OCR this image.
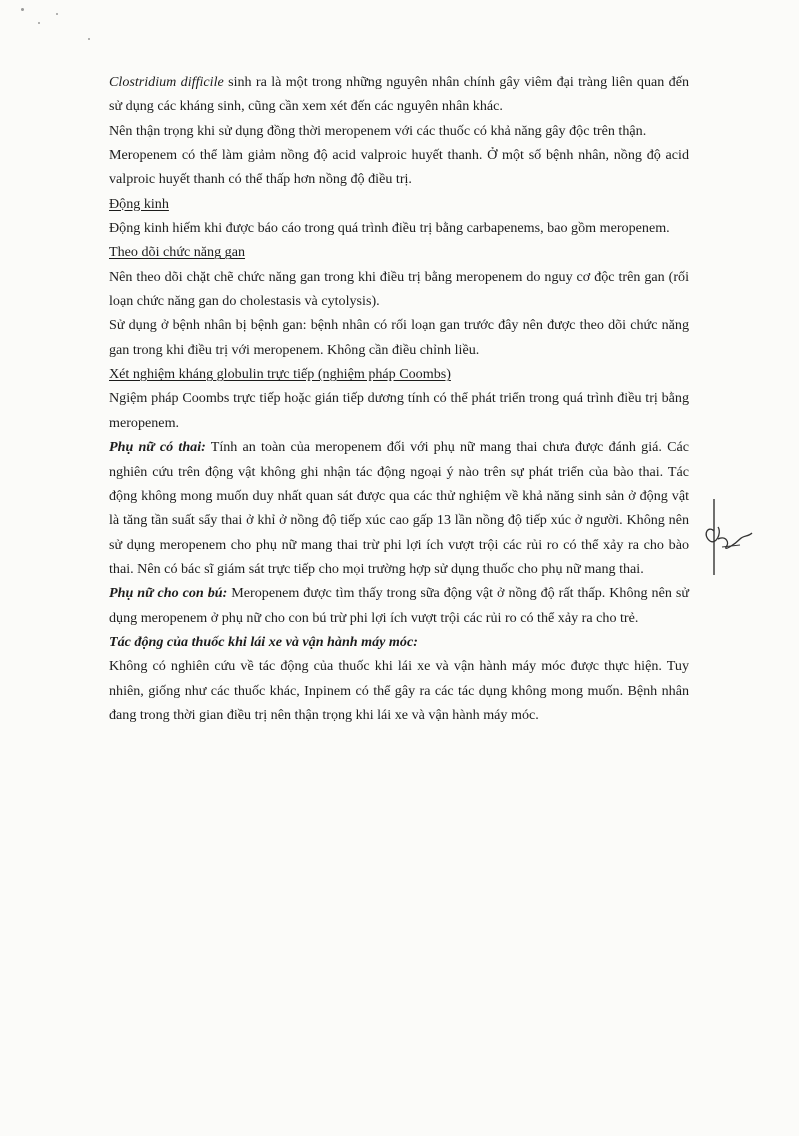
Clostridium difficile sinh ra là một trong những nguyên nhân chính gây viêm đại tràng liên quan đến sử dụng các kháng sinh, cũng cần xem xét đến các nguyên nhân khác.

Nên thận trọng khi sử dụng đồng thời meropenem với các thuốc có khả năng gây độc trên thận.

Meropenem có thể làm giảm nồng độ acid valproic huyết thanh. Ở một số bệnh nhân, nồng độ acid valproic huyết thanh có thể thấp hơn nồng độ điều trị.

Động kinh

Động kinh hiếm khi được báo cáo trong quá trình điều trị bằng carbapenems, bao gồm meropenem.

Theo dõi chức năng gan

Nên theo dõi chặt chẽ chức năng gan trong khi điều trị bằng meropenem do nguy cơ độc trên gan (rối loạn chức năng gan do cholestasis và cytolysis).

Sử dụng ở bệnh nhân bị bệnh gan: bệnh nhân có rối loạn gan trước đây nên được theo dõi chức năng gan trong khi điều trị với meropenem. Không cần điều chỉnh liều.

Xét nghiệm kháng globulin trực tiếp (nghiệm pháp Coombs)

Ngiệm pháp Coombs trực tiếp hoặc gián tiếp dương tính có thể phát triển trong quá trình điều trị bằng meropenem.

Phụ nữ có thai: Tính an toàn của meropenem đối với phụ nữ mang thai chưa được đánh giá. Các nghiên cứu trên động vật không ghi nhận tác động ngoại ý nào trên sự phát triển của bào thai. Tác động không mong muốn duy nhất quan sát được qua các thử nghiệm về khả năng sinh sản ở động vật là tăng tần suất sẩy thai ở khỉ ở nồng độ tiếp xúc cao gấp 13 lần nồng độ tiếp xúc ở người. Không nên sử dụng meropenem cho phụ nữ mang thai trừ phi lợi ích vượt trội các rủi ro có thể xảy ra cho bào thai. Nên có bác sĩ giám sát trực tiếp cho mọi trường hợp sử dụng thuốc cho phụ nữ mang thai.

Phụ nữ cho con bú: Meropenem được tìm thấy trong sữa động vật ở nồng độ rất thấp. Không nên sử dụng meropenem ở phụ nữ cho con bú trừ phi lợi ích vượt trội các rủi ro có thể xảy ra cho trẻ.

Tác động của thuốc khi lái xe và vận hành máy móc:

Không có nghiên cứu về tác động của thuốc khi lái xe và vận hành máy móc được thực hiện. Tuy nhiên, giống như các thuốc khác, Inpinem có thể gây ra các tác dụng không mong muốn. Bệnh nhân đang trong thời gian điều trị nên thận trọng khi lái xe và vận hành máy móc.
